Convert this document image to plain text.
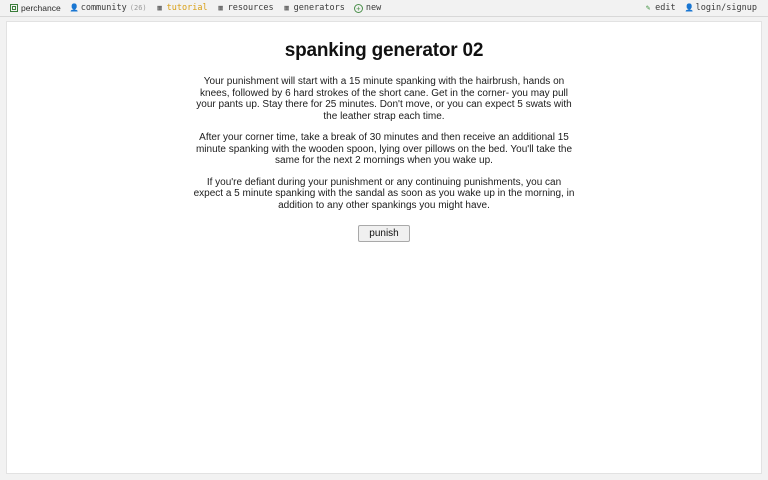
perchance 👤 community (26) ▦ tutorial ▦ resources ▦ generators	+ new	✎ edit 👤 login/signup
spanking generator 02

Your punishment will start with a 15 minute spanking with the hairbrush, hands on knees, followed by 6 hard strokes of the short cane. Get in the corner- you may pull your pants up. Stay there for 25 minutes. Don't move, or you can expect 5 swats with the leather strap each time.

After your corner time, take a break of 30 minutes and then receive an additional 15 minute spanking with the wooden spoon, lying over pillows on the bed. You'll take the same for the next 2 mornings when you wake up.

If you're defiant during your punishment or any continuing punishments, you can expect a 5 minute spanking with the sandal as soon as you wake up in the morning, in addition to any other spankings you might have.

punish
